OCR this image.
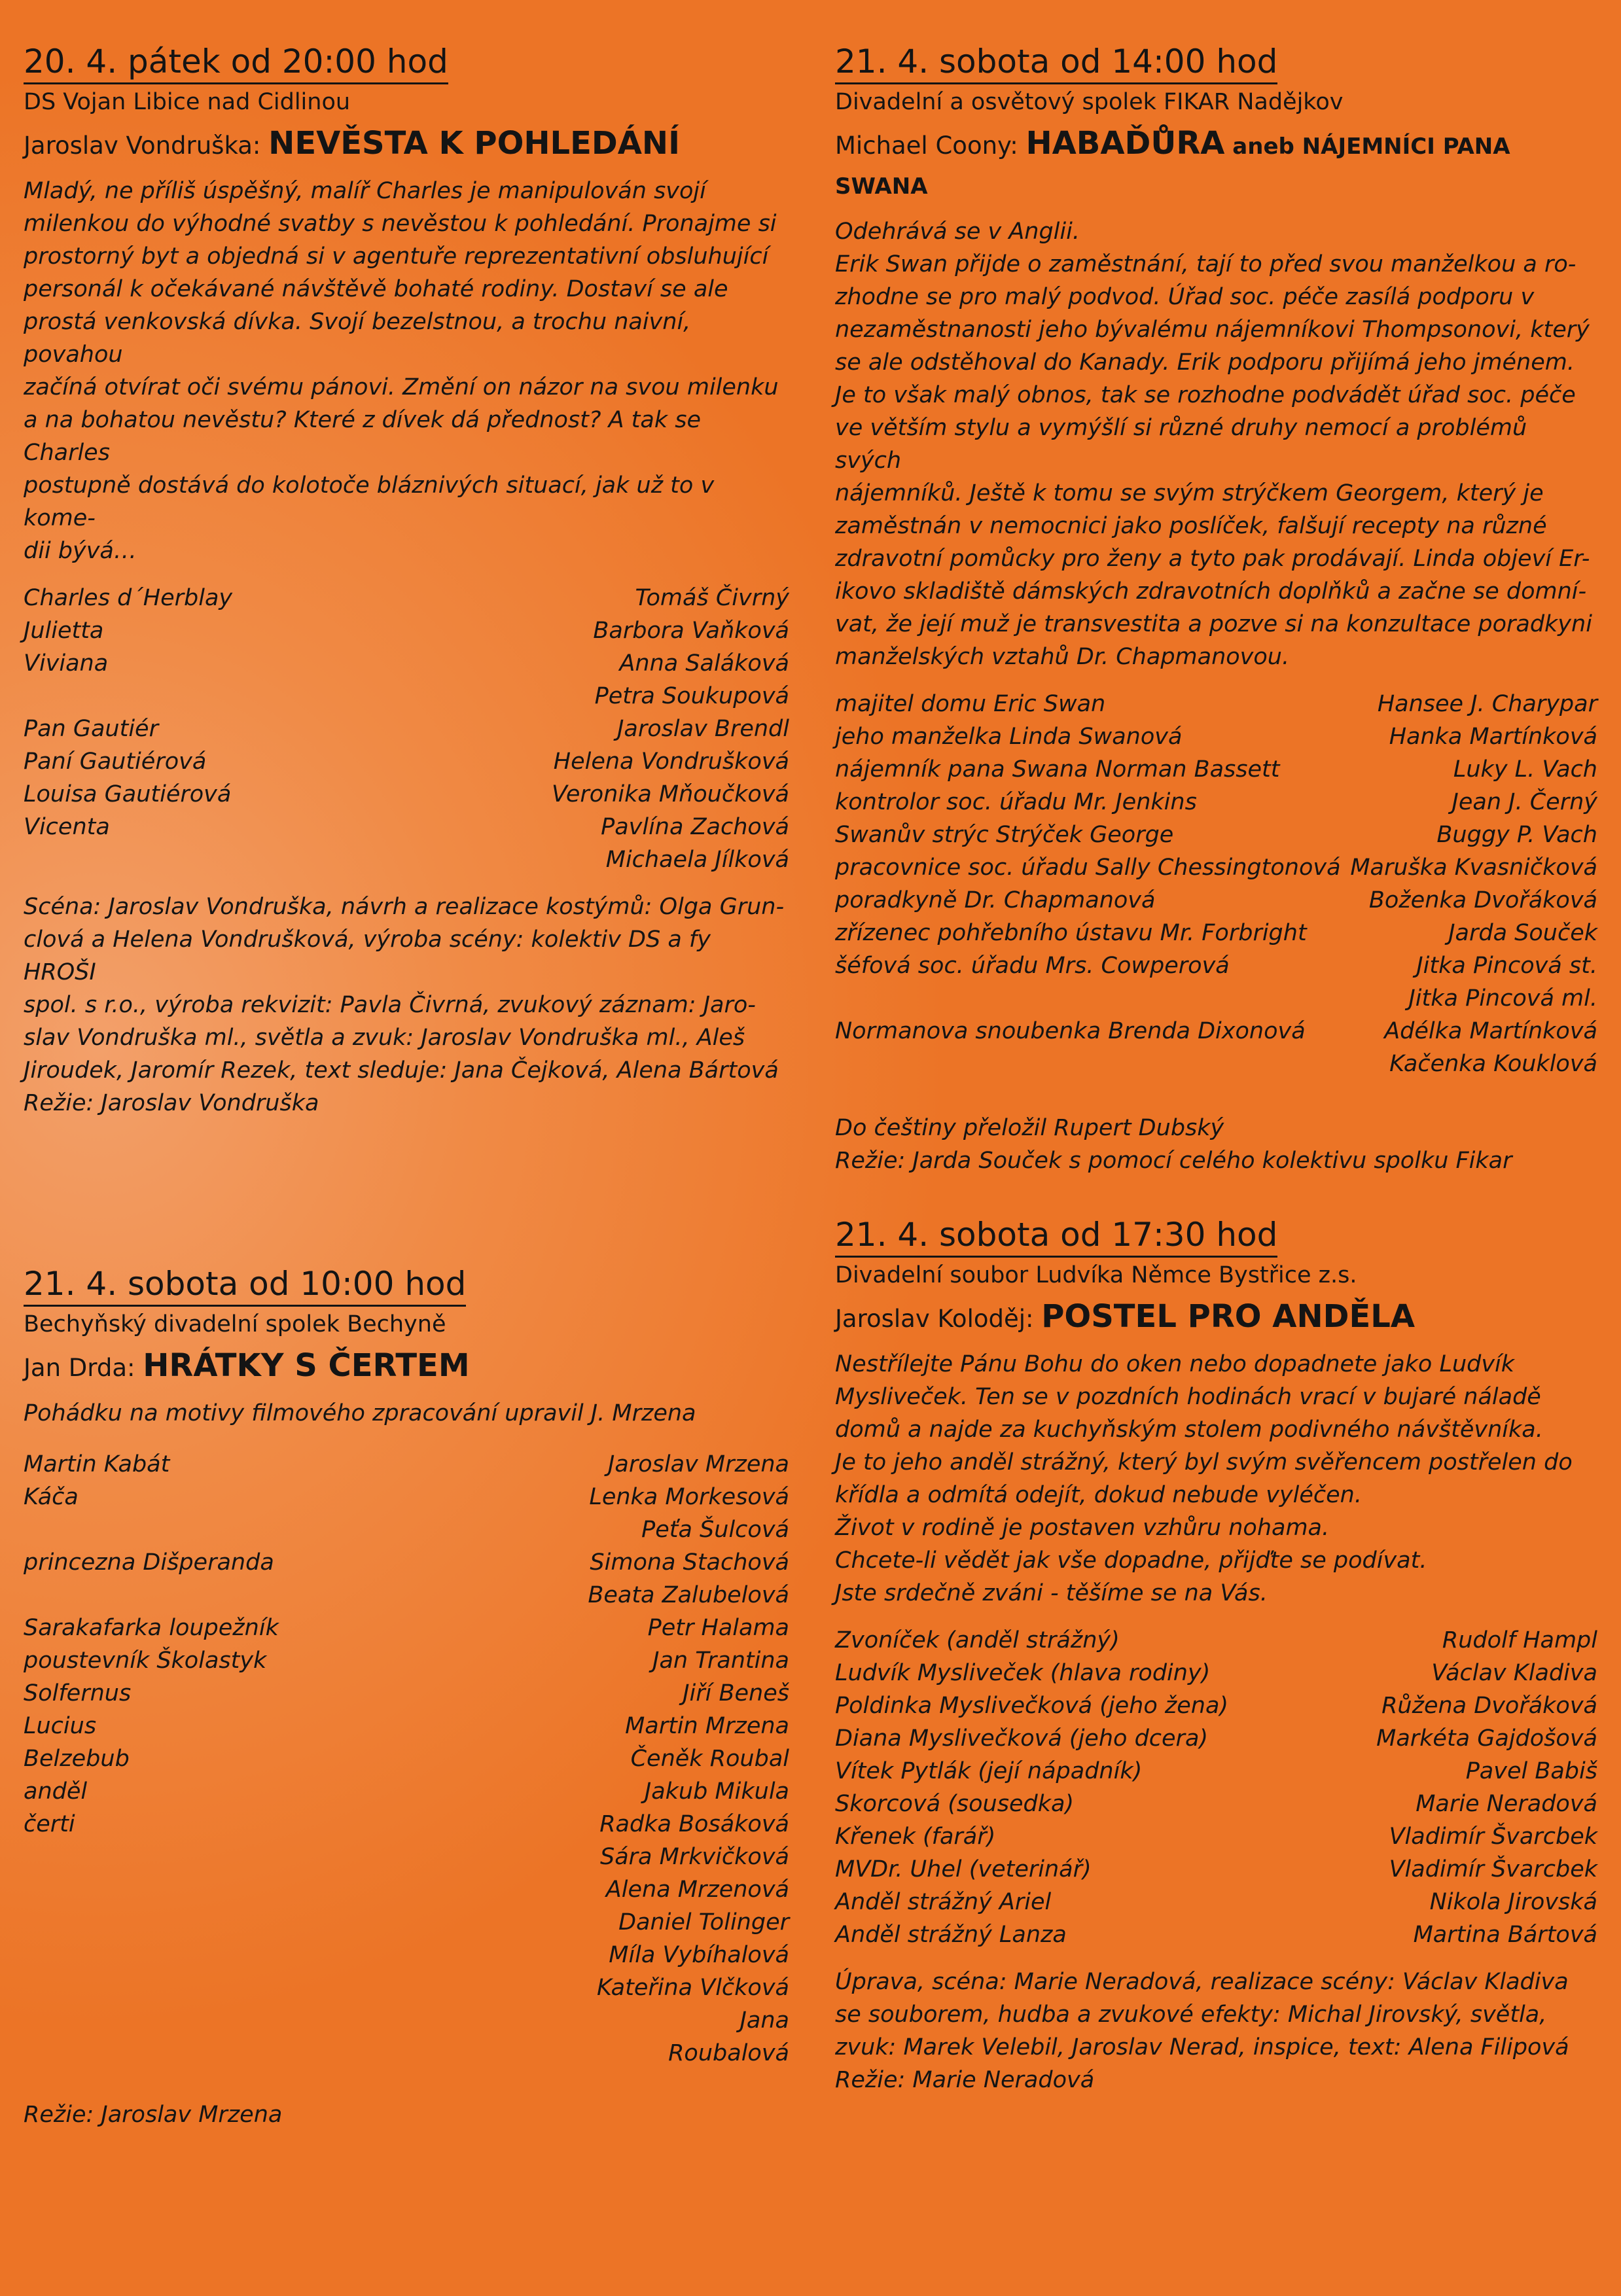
20. 4. pátek od 20:00 hod
DS Vojan Libice nad Cidlinou
Jaroslav Vondruška: NEVĚSTA K POHLEDÁNÍ
Mladý, ne příliš úspěšný, malíř Charles je manipulován svojí
milenkou do výhodné svatby s nevěstou k pohledání. Pronajme si
prostorný byt a objedná si v agentuře reprezentativní obsluhující
personál k očekávané návštěvě bohaté rodiny. Dostaví se ale
prostá venkovská dívka. Svojí bezelstnou, a trochu naivní, povahou
začíná otvírat oči svému pánovi. Změní on názor na svou milenku
a na bohatou nevěstu? Které z dívek dá přednost? A tak se Charles
postupně dostává do kolotoče bláznivých situací, jak už to v kome-
dii bývá…
Charles d´Herblay	Tomáš Čivrný
Julietta	Barbora Vaňková
Viviana	Anna Saláková
Petra Soukupová
Pan Gautiér	Jaroslav Brendl
Paní Gautiérová	Helena Vondrušková
Louisa Gautiérová	Veronika Mňoučková
Vicenta	Pavlína Zachová
Michaela Jílková
Scéna: Jaroslav Vondruška, návrh a realizace kostýmů: Olga Grun-
clová a Helena Vondrušková, výroba scény: kolektiv DS a fy HROŠI
spol. s r.o., výroba rekvizit: Pavla Čivrná, zvukový záznam: Jaro-
slav Vondruška ml., světla a zvuk: Jaroslav Vondruška ml., Aleš
Jiroudek, Jaromír Rezek, text sleduje: Jana Čejková, Alena Bártová
Režie: Jaroslav Vondruška
21. 4. sobota od 14:00 hod
Divadelní a osvětový spolek FIKAR Nadějkov
Michael Coony: HABAĎŮRA aneb NÁJEMNÍCI PANA SWANA
Odehrává se v Anglii.
Erik Swan přijde o zaměstnání, tají to před svou manželkou a ro-
zhodne se pro malý podvod. Úřad soc. péče zasílá podporu v
nezaměstnanosti jeho bývalému nájemníkovi Thompsonovi, který
se ale odstěhoval do Kanady. Erik podporu přijímá jeho jménem.
Je to však malý obnos, tak se rozhodne podvádět úřad soc. péče
ve větším stylu a vymýšlí si různé druhy nemocí a problémů svých
nájemníků. Ještě k tomu se svým strýčkem Georgem, který je
zaměstnán v nemocnici jako poslíček, falšují recepty na různé
zdravotní pomůcky pro ženy a tyto pak prodávají. Linda objeví Er-
ikovo skladiště dámských zdravotních doplňků a začne se domní-
vat, že její muž je transvestita a pozve si na konzultace poradkyni
manželských vztahů Dr. Chapmanovou.
majitel domu Eric Swan	Hansee J. Charypar
jeho manželka Linda Swanová	Hanka Martínková
nájemník pana Swana Norman Bassett	Luky L. Vach
kontrolor soc. úřadu Mr. Jenkins	Jean J. Černý
Swanův strýc Strýček George	Buggy P. Vach
pracovnice soc. úřadu Sally Chessingtonová Maruška Kvasničková
poradkyně Dr. Chapmanová	Boženka Dvořáková
zřízenec pohřebního ústavu Mr. Forbright	Jarda Souček
šéfová soc. úřadu Mrs. Cowperová	Jitka Pincová st.
Jitka Pincová ml.
Normanova snoubenka Brenda Dixonová	Adélka Martínková
Kačenka Kouklová
Do češtiny přeložil Rupert Dubský
Režie: Jarda Souček s pomocí celého kolektivu spolku Fikar
21. 4. sobota od 10:00 hod
Bechyňský divadelní spolek Bechyně
Jan Drda: HRÁTKY S ČERTEM
Pohádku na motivy filmového zpracování upravil J. Mrzena
Martin Kabát	Jaroslav Mrzena
Káča	Lenka Morkesová
Peťa Šulcová
princezna Dišperanda	Simona Stachová
Beata Zalubelová
Sarakafarka loupežník	Petr Halama
poustevník Školastyk	Jan Trantina
Solfernus	Jiří Beneš
Lucius	Martin Mrzena
Belzebub	Čeněk Roubal
anděl	Jakub Mikula
čerti	Radka Bosáková
Sára Mrkvičková
Alena Mrzenová
Daniel Tolinger
Míla Vybíhalová
Kateřina Vlčková
Jana
Roubalová
Režie: Jaroslav Mrzena
21. 4. sobota od 17:30 hod
Divadelní soubor Ludvíka Němce Bystřice z.s.
Jaroslav Koloděj: POSTEL PRO ANDĚLA
Nestřílejte Pánu Bohu do oken nebo dopadnete jako Ludvík
Mysliveček. Ten se v pozdních hodinách vrací v bujaré náladě
domů a najde za kuchyňským stolem podivného návštěvníka.
Je to jeho anděl strážný, který byl svým svěřencem postřelen do
křídla a odmítá odejít, dokud nebude vyléčen.
Život v rodině je postaven vzhůru nohama.
Chcete-li vědět jak vše dopadne, přijďte se podívat.
Jste srdečně zváni - těšíme se na Vás.
Zvoníček (anděl strážný)	Rudolf Hampl
Ludvík Mysliveček (hlava rodiny)	Václav Kladiva
Poldinka Myslivečková (jeho žena)	Růžena Dvořáková
Diana Myslivečková (jeho dcera)	Markéta Gajdošová
Vítek Pytlák (její nápadník)	Pavel Babiš
Skorcová (sousedka)	Marie Neradová
Křenek (farář)	Vladimír Švarcbek
MVDr. Uhel (veterinář)	Vladimír Švarcbek
Anděl strážný Ariel	Nikola Jirovská
Anděl strážný Lanza	Martina Bártová
Úprava, scéna: Marie Neradová, realizace scény: Václav Kladiva
se souborem, hudba a zvukové efekty: Michal Jirovský, světla,
zvuk: Marek Velebil, Jaroslav Nerad, inspice, text: Alena Filipová
Režie: Marie Neradová
